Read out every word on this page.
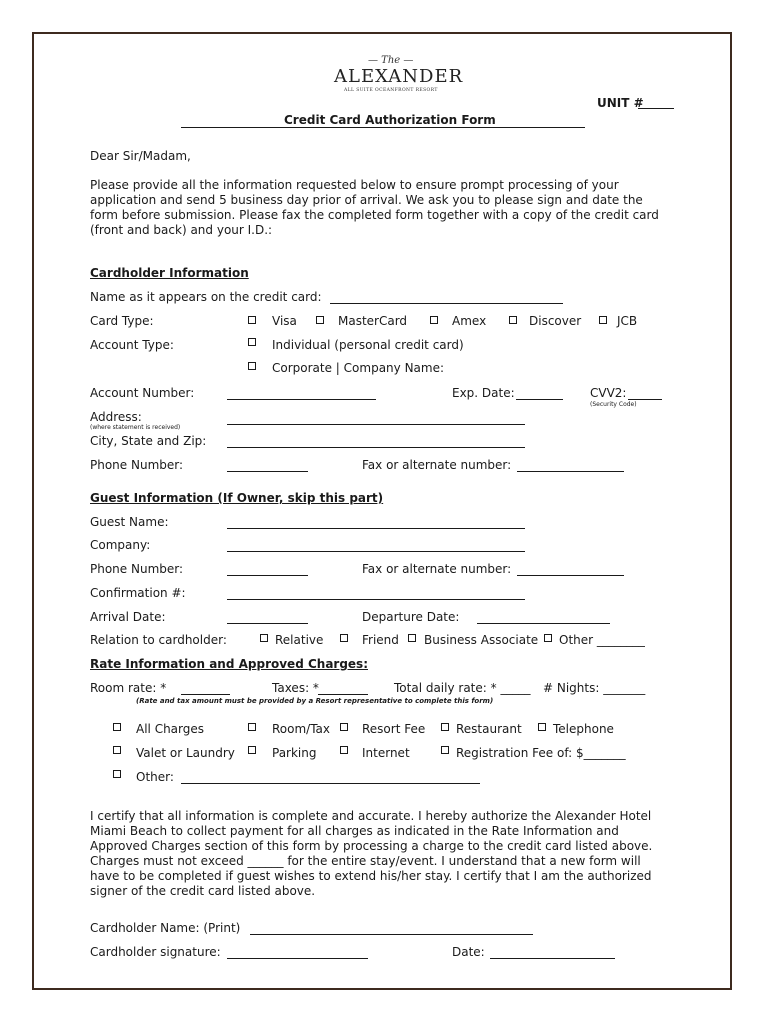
— The —
ALEXANDER
ALL SUITE OCEANFRONT RESORT
UNIT #
Credit Card Authorization Form
Dear Sir/Madam,
Please provide all the information requested below to ensure prompt processing of your
application and send 5 business day prior of arrival. We ask you to please sign and date the
form before submission. Please fax the completed form together with a copy of the credit card
(front and back) and your I.D.:
Cardholder Information
Name as it appears on the credit card:
Card Type:	Visa	MasterCard	Amex	Discover	JCB
Account Type:	Individual (personal credit card)
Corporate | Company Name:
Account Number:	Exp. Date:	CVV2:
(Security Code)
Address:
(where statement is received)
City, State and Zip:
Phone Number:	Fax or alternate number:
Guest Information (If Owner, skip this part)
Guest Name:
Company:
Phone Number:	Fax or alternate number:
Confirmation #:
Arrival Date:	Departure Date:
Relation to cardholder:	Relative	Friend Business Associate Other ________
Rate Information and Approved Charges:
Room rate: *	Taxes: *	Total daily rate: * _____ # Nights: _______
(Rate and tax amount must be provided by a Resort representative to complete this form)
All Charges	Room/Tax	Resort Fee	Restaurant	Telephone
Valet or Laundry	Parking	Internet	Registration Fee of: $_______
Other:
I certify that all information is complete and accurate. I hereby authorize the Alexander Hotel
Miami Beach to collect payment for all charges as indicated in the Rate Information and
Approved Charges section of this form by processing a charge to the credit card listed above.
Charges must not exceed ______ for the entire stay/event. I understand that a new form will
have to be completed if guest wishes to extend his/her stay. I certify that I am the authorized
signer of the credit card listed above.
Cardholder Name: (Print)
Cardholder signature:	Date:
